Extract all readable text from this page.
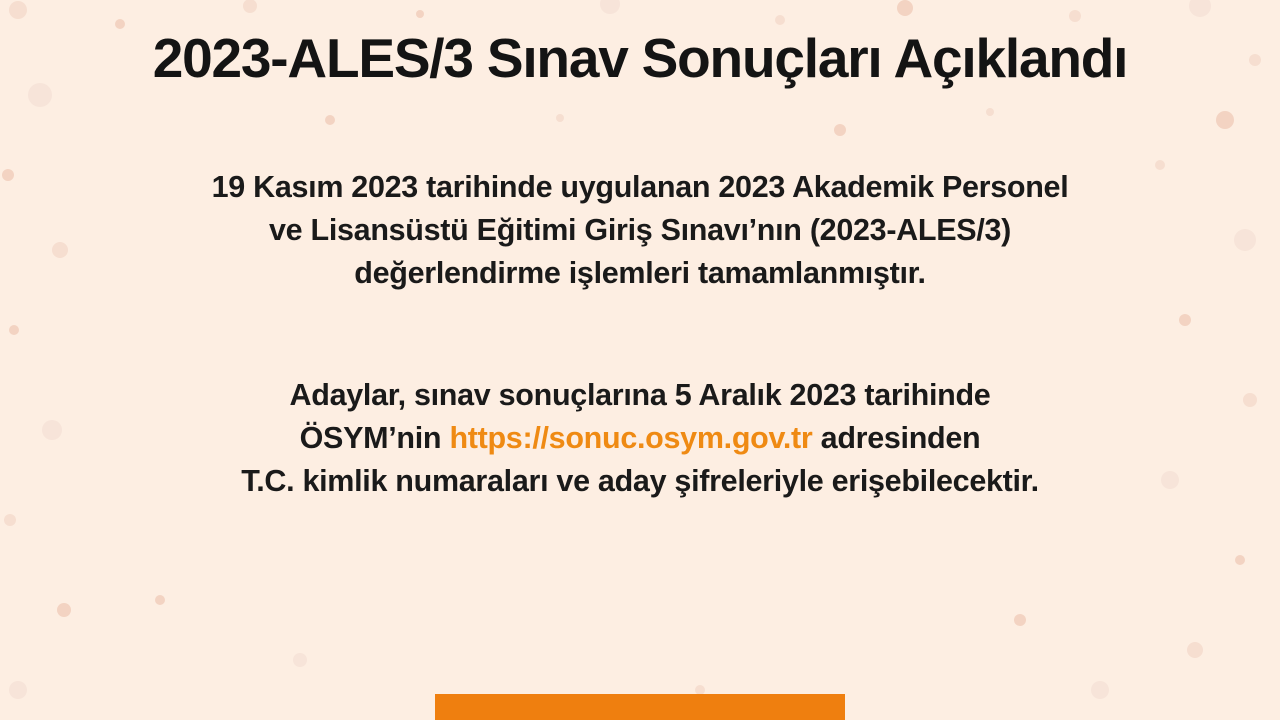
2023-ALES/3 Sınav Sonuçları Açıklandı

19 Kasım 2023 tarihinde uygulanan 2023 Akademik Personel
ve Lisansüstü Eğitimi Giriş Sınavı’nın (2023-ALES/3)
değerlendirme işlemleri tamamlanmıştır.

Adaylar, sınav sonuçlarına 5 Aralık 2023 tarihinde
ÖSYM’nin https://sonuc.osym.gov.tr adresinden
T.C. kimlik numaraları ve aday şifreleriyle erişebilecektir.
